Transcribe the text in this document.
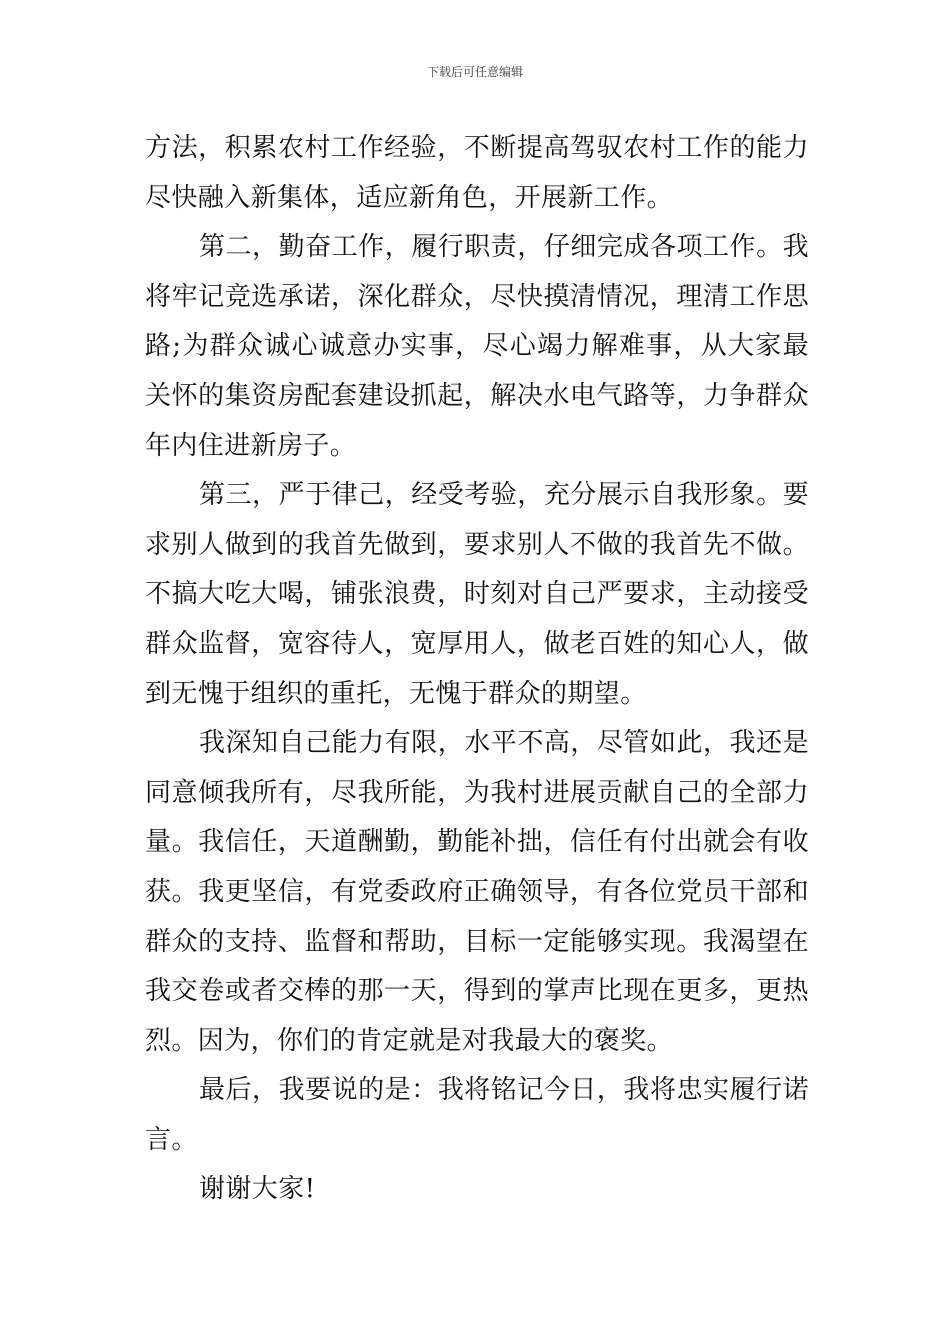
下载后可任意编辑

方法，积累农村工作经验，不断提高驾驭农村工作的能力尽快融入新集体，适应新角色，开展新工作。

第二，勤奋工作，履行职责，仔细完成各项工作。我将牢记竞选承诺，深化群众，尽快摸清情况，理清工作思路;为群众诚心诚意办实事，尽心竭力解难事，从大家最关怀的集资房配套建设抓起，解决水电气路等，力争群众年内住进新房子。

第三，严于律己，经受考验，充分展示自我形象。要求别人做到的我首先做到，要求别人不做的我首先不做。不搞大吃大喝，铺张浪费，时刻对自己严要求，主动接受群众监督，宽容待人，宽厚用人，做老百姓的知心人，做到无愧于组织的重托，无愧于群众的期望。

我深知自己能力有限，水平不高，尽管如此，我还是同意倾我所有，尽我所能，为我村进展贡献自己的全部力量。我信任，天道酬勤，勤能补拙，信任有付出就会有收获。我更坚信，有党委政府正确领导，有各位党员干部和群众的支持、监督和帮助，目标一定能够实现。我渴望在我交卷或者交棒的那一天，得到的掌声比现在更多，更热烈。因为，你们的肯定就是对我最大的褒奖。

最后，我要说的是：我将铭记今日，我将忠实履行诺言。

谢谢大家!
